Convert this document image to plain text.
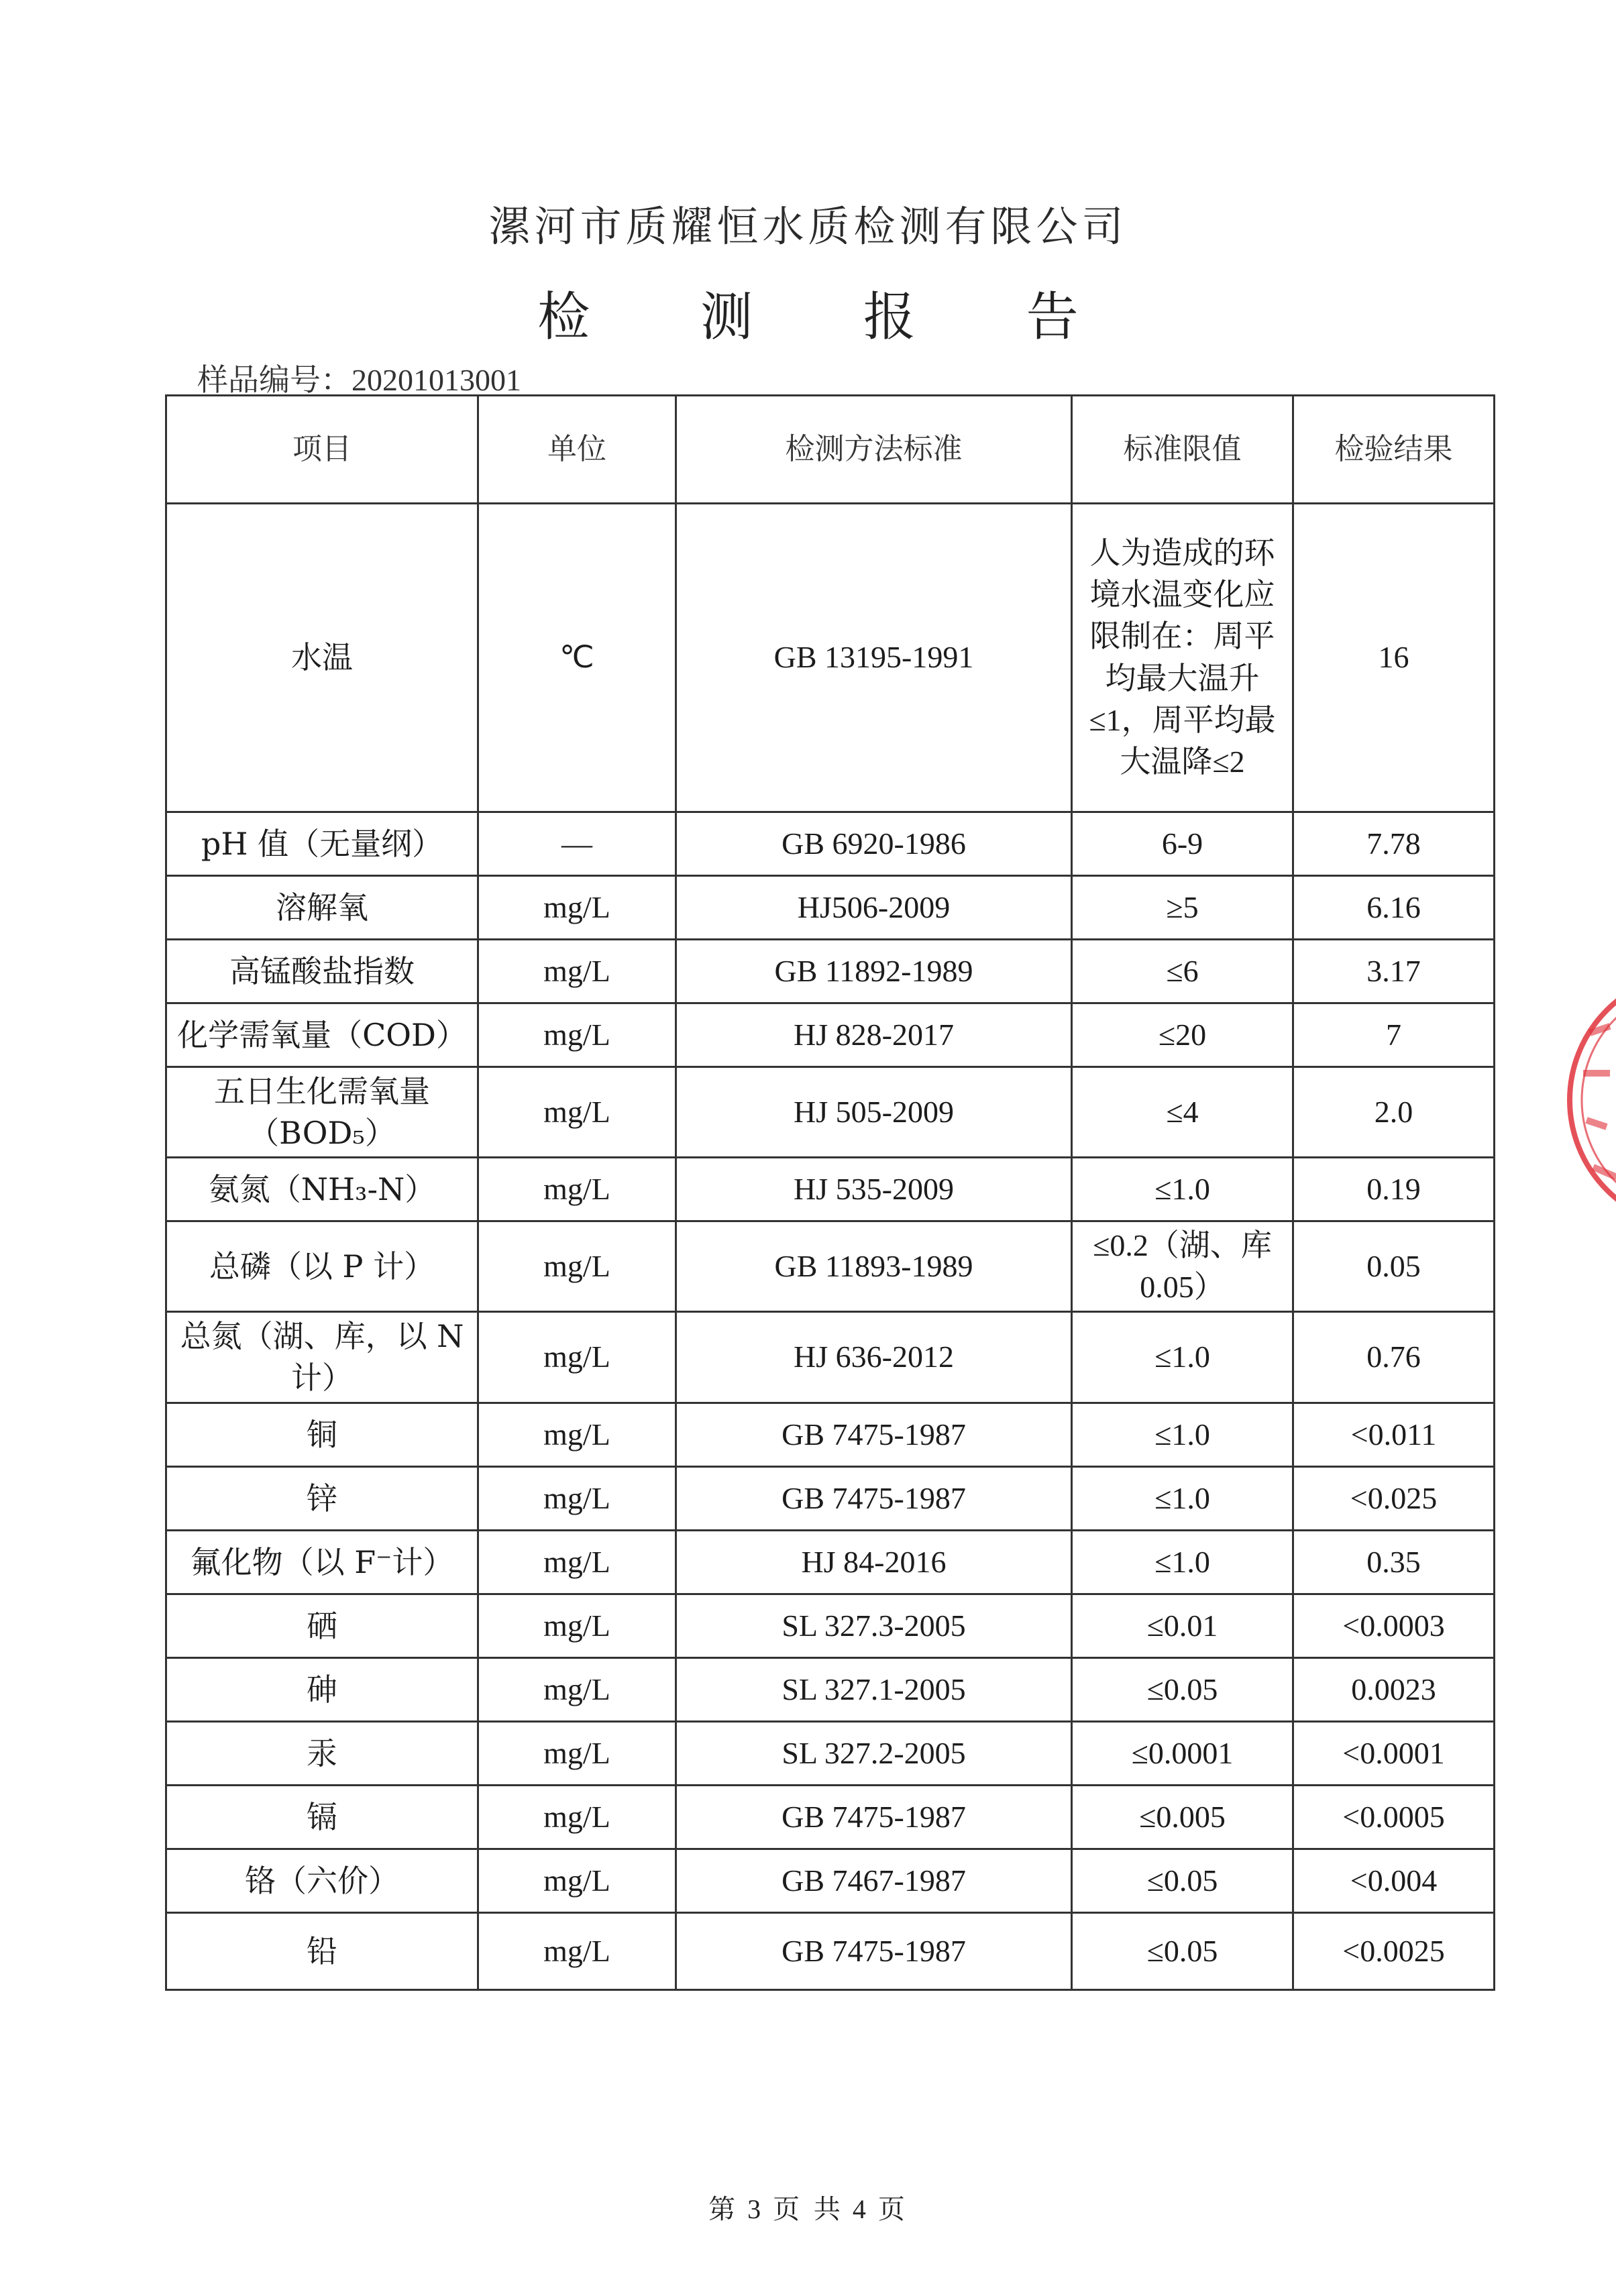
漯河市质耀恒水质检测有限公司
检 测 报 告
样品编号：20201013001
项目	单位	检测方法标准	标准限值	检验结果
水温	℃	GB 13195-1991	人为造成的环境水温变化应限制在：周平均最大温升≤1，周平均最大温降≤2	16
pH 值（无量纲）	—	GB 6920-1986	6-9	7.78
溶解氧	mg/L	HJ506-2009	≥5	6.16
高锰酸盐指数	mg/L	GB 11892-1989	≤6	3.17
化学需氧量（COD）	mg/L	HJ 828-2017	≤20	7
五日生化需氧量（BOD₅）	mg/L	HJ 505-2009	≤4	2.0
氨氮（NH₃-N）	mg/L	HJ 535-2009	≤1.0	0.19
总磷（以 P 计）	mg/L	GB 11893-1989	≤0.2（湖、库0.05）	0.05
总氮（湖、库，以 N 计）	mg/L	HJ 636-2012	≤1.0	0.76
铜	mg/L	GB 7475-1987	≤1.0	<0.011
锌	mg/L	GB 7475-1987	≤1.0	<0.025
氟化物（以 F⁻计）	mg/L	HJ 84-2016	≤1.0	0.35
硒	mg/L	SL 327.3-2005	≤0.01	<0.0003
砷	mg/L	SL 327.1-2005	≤0.05	0.0023
汞	mg/L	SL 327.2-2005	≤0.0001	<0.0001
镉	mg/L	GB 7475-1987	≤0.005	<0.0005
铬（六价）	mg/L	GB 7467-1987	≤0.05	<0.004
铅	mg/L	GB 7475-1987	≤0.05	<0.0025
第 3 页 共 4 页
